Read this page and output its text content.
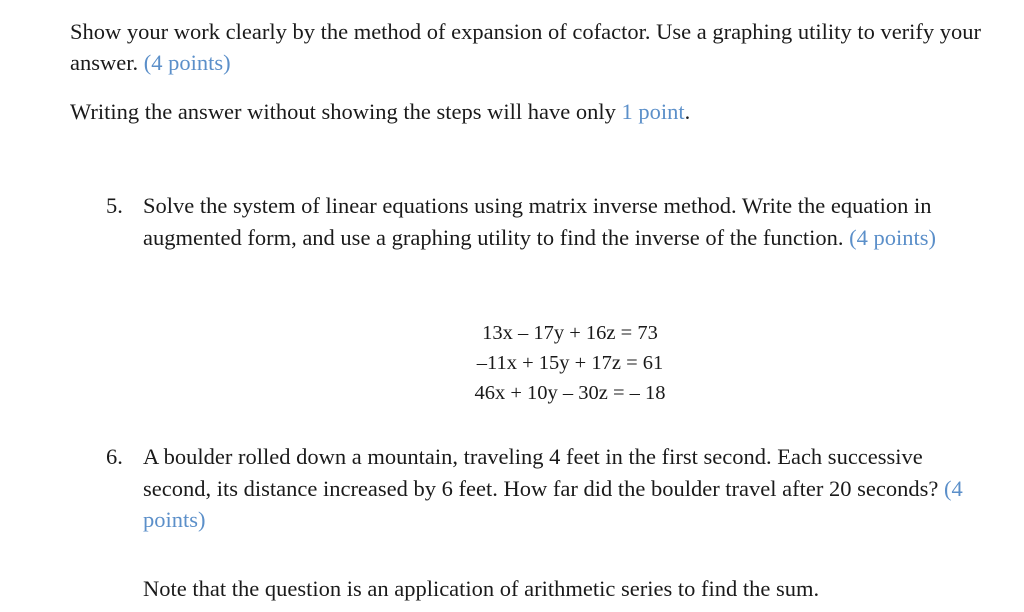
Show your work clearly by the method of expansion of cofactor. Use a graphing utility to verify your answer. (4 points)

Writing the answer without showing the steps will have only 1 point.

5. Solve the system of linear equations using matrix inverse method. Write the equation in augmented form, and use a graphing utility to find the inverse of the function. (4 points)
13x – 17y + 16z = 73
–11x + 15y + 17z = 61
46x + 10y – 30z = – 18
6. A boulder rolled down a mountain, traveling 4 feet in the first second. Each successive second, its distance increased by 6 feet. How far did the boulder travel after 20 seconds? (4 points)

Note that the question is an application of arithmetic series to find the sum.
